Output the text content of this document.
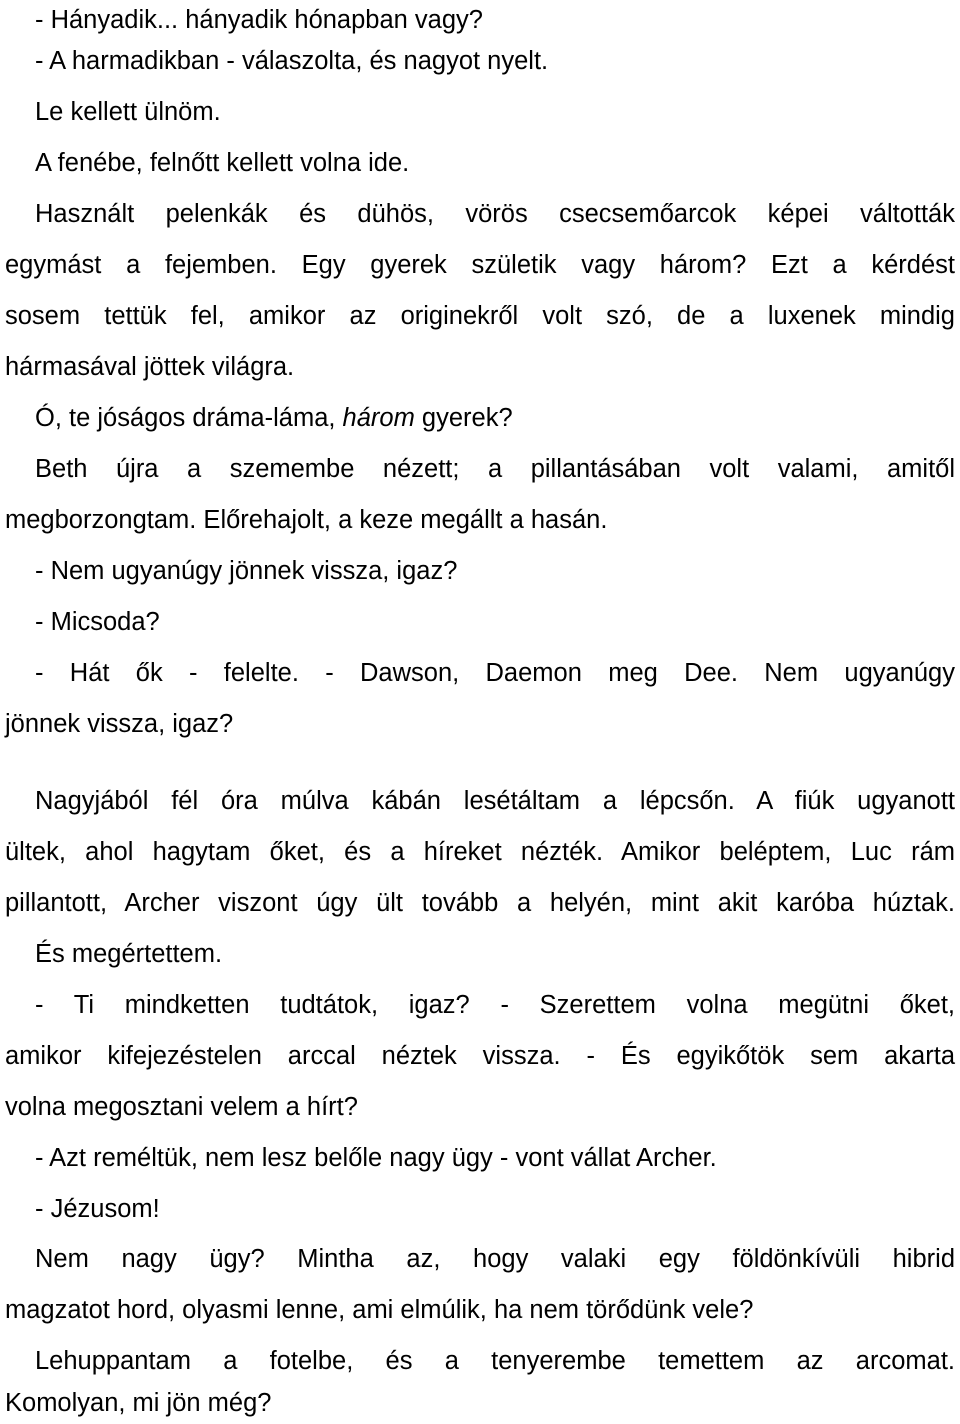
- Hányadik... hányadik hónapban vagy?
- A harmadikban - válaszolta, és nagyot nyelt.
Le kellett ülnöm.
A fenébe, felnőtt kellett volna ide.
Használt pelenkák és dühös, vörös csecsemőarcok képei váltották
egymást a fejemben. Egy gyerek születik vagy három? Ezt a kérdést
sosem tettük fel, amikor az originekről volt szó, de a luxenek mindig
hármasával jöttek világra.
Ó, te jóságos dráma-láma, három gyerek?
Beth újra a szemembe nézett; a pillantásában volt valami, amitől
megborzongtam. Előrehajolt, a keze megállt a hasán.
- Nem ugyanúgy jönnek vissza, igaz?
- Micsoda?
- Hát ők - felelte. - Dawson, Daemon meg Dee. Nem ugyanúgy
jönnek vissza, igaz?
Nagyjából fél óra múlva kábán lesétáltam a lépcsőn. A fiúk ugyanott
ültek, ahol hagytam őket, és a híreket nézték. Amikor beléptem, Luc rám
pillantott, Archer viszont úgy ült tovább a helyén, mint akit karóba húztak.
És megértettem.
- Ti mindketten tudtátok, igaz? - Szerettem volna megütni őket,
amikor kifejezéstelen arccal néztek vissza. - És egyikőtök sem akarta
volna megosztani velem a hírt?
- Azt reméltük, nem lesz belőle nagy ügy - vont vállat Archer.
- Jézusom!
Nem nagy ügy? Mintha az, hogy valaki egy földönkívüli hibrid
magzatot hord, olyasmi lenne, ami elmúlik, ha nem törődünk vele?
Lehuppantam a fotelbe, és a tenyerembe temettem az arcomat.
Komolyan, mi jön még?
